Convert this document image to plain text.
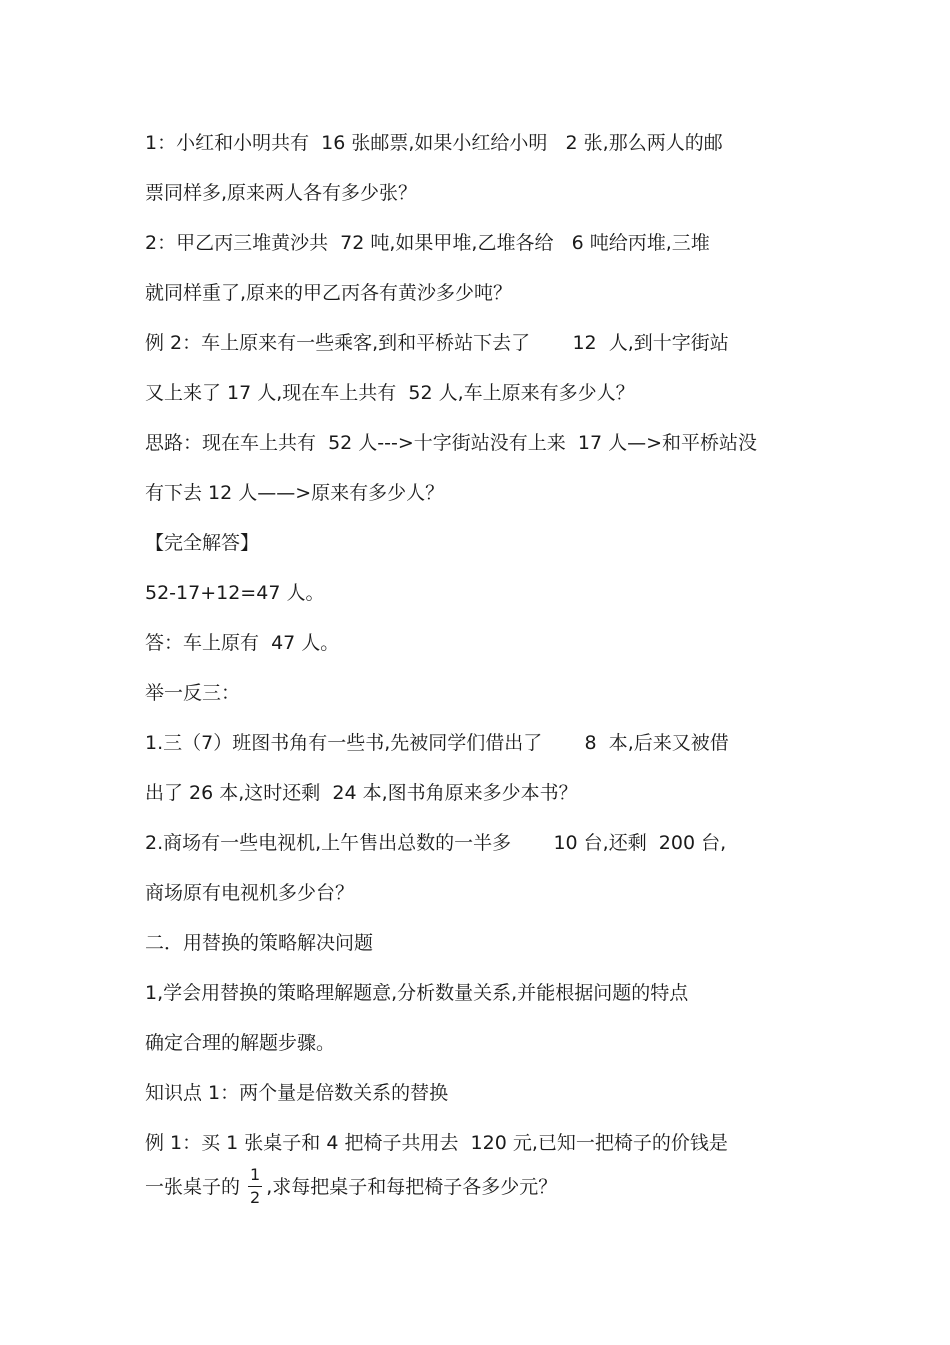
1：小红和小明共有  16 张邮票,如果小红给小明   2 张,那么两人的邮
票同样多,原来两人各有多少张？
2：甲乙丙三堆黄沙共  72 吨,如果甲堆,乙堆各给   6 吨给丙堆,三堆
就同样重了,原来的甲乙丙各有黄沙多少吨？
例 2：车上原来有一些乘客,到和平桥站下去了       12  人,到十字街站
又上来了 17 人,现在车上共有  52 人,车上原来有多少人？
思路：现在车上共有  52 人--->十字街站没有上来  17 人—>和平桥站没
有下去 12 人——>原来有多少人？
【完全解答】
52-17+12=47 人。
答：车上原有  47 人。
举一反三：
1.三（7）班图书角有一些书,先被同学们借出了       8  本,后来又被借
出了 26 本,这时还剩  24 本,图书角原来多少本书？
2.商场有一些电视机,上午售出总数的一半多       10 台,还剩  200 台,
商场原有电视机多少台？
二．用替换的策略解决问题
1,学会用替换的策略理解题意,分析数量关系,并能根据问题的特点
确定合理的解题步骤。
知识点 1：两个量是倍数关系的替换
例 1：买 1 张桌子和 4 把椅子共用去  120 元,已知一把椅子的价钱是
一张桌子的 $\frac{1}{2}$ ,求每把桌子和每把椅子各多少元？
